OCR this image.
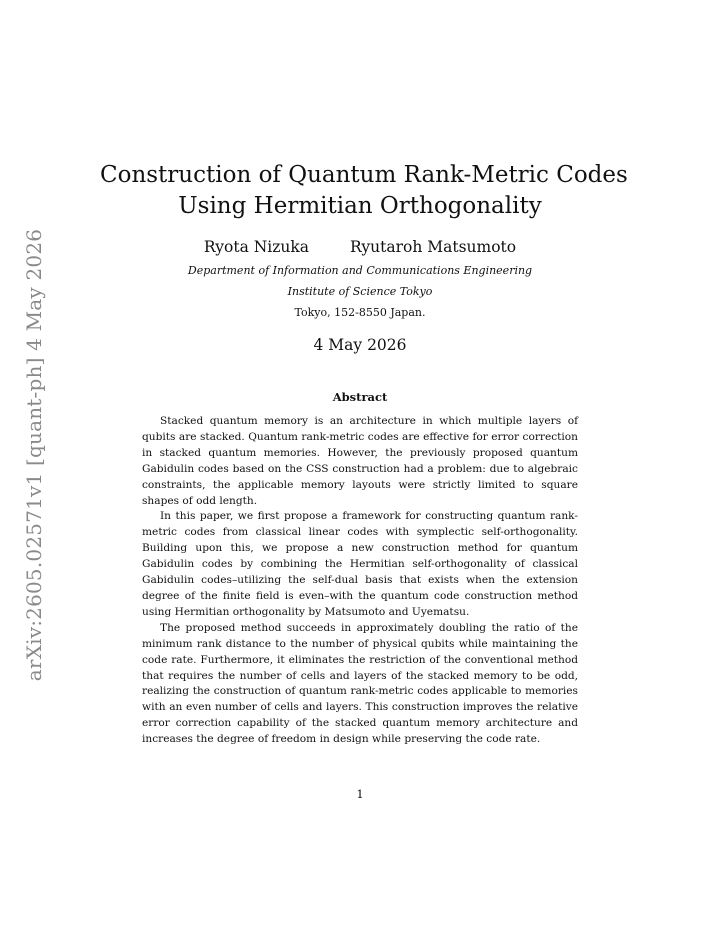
arXiv:2605.02571v1 [quant-ph] 4 May 2026
Construction of Quantum Rank-Metric Codes
Using Hermitian Orthogonality
Ryota Nizuka	Ryutaroh Matsumoto
Department of Information and Communications Engineering
Institute of Science Tokyo
Tokyo, 152-8550 Japan.
4 May 2026
Abstract

Stacked quantum memory is an architecture in which multiple layers of qubits are stacked. Quantum rank-metric codes are effective for error correction in stacked quantum memories. However, the previously proposed quantum Gabidulin codes based on the CSS construction had a problem: due to algebraic constraints, the applicable memory layouts were strictly limited to square shapes of odd length.

In this paper, we first propose a framework for constructing quantum rank-metric codes from classical linear codes with symplectic self-orthogonality. Building upon this, we propose a new construction method for quantum Gabidulin codes by combining the Hermitian self-orthogonality of classical Gabidulin codes–utilizing the self-dual basis that exists when the extension degree of the finite field is even–with the quantum code construction method using Hermitian orthogonality by Matsumoto and Uyematsu.

The proposed method succeeds in approximately doubling the ratio of the minimum rank distance to the number of physical qubits while maintaining the code rate. Furthermore, it eliminates the restriction of the conventional method that requires the number of cells and layers of the stacked memory to be odd, realizing the construction of quantum rank-metric codes applicable to memories with an even number of cells and layers. This construction improves the relative error correction capability of the stacked quantum memory architecture and increases the degree of freedom in design while preserving the code rate.

1
